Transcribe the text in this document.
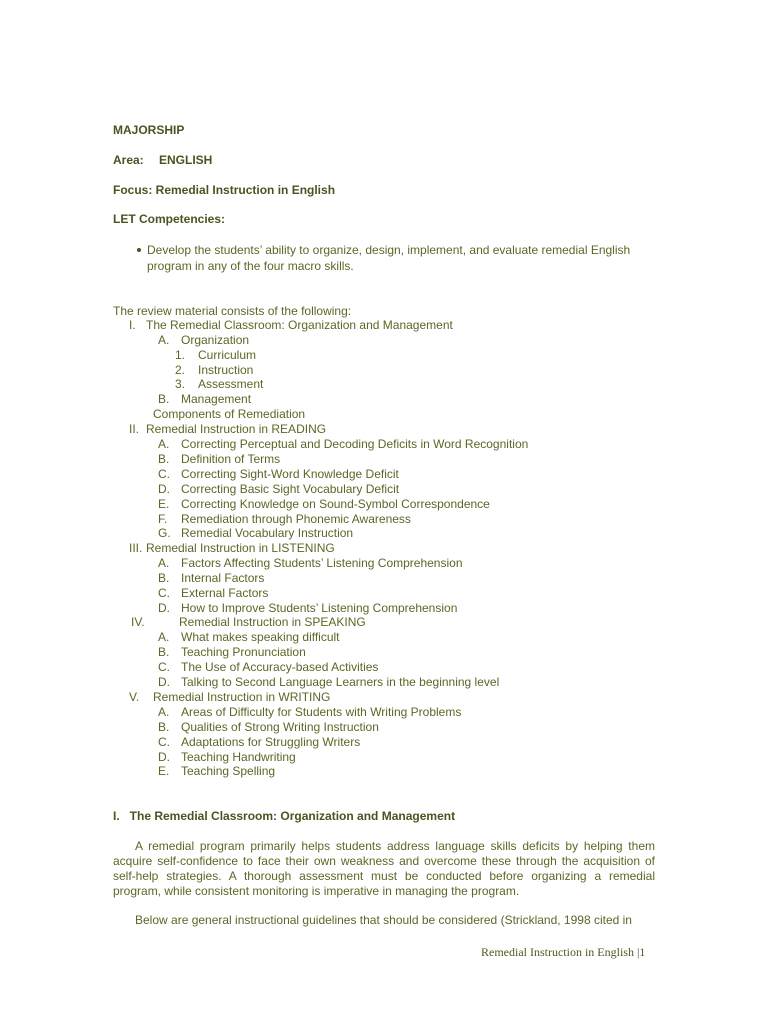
MAJORSHIP
Area: ENGLISH
Focus: Remedial Instruction in English
LET Competencies:
Develop the students’ ability to organize, design, implement, and evaluate remedial English
program in any of the four macro skills.
The review material consists of the following:
I. The Remedial Classroom: Organization and Management
A. Organization
1. Curriculum
2. Instruction
3. Assessment
B. Management
Components of Remediation
II. Remedial Instruction in READING
A. Correcting Perceptual and Decoding Deficits in Word Recognition
B. Definition of Terms
C. Correcting Sight-Word Knowledge Deficit
D. Correcting Basic Sight Vocabulary Deficit
E. Correcting Knowledge on Sound-Symbol Correspondence
F. Remediation through Phonemic Awareness
G. Remedial Vocabulary Instruction
III. Remedial Instruction in LISTENING
A. Factors Affecting Students’ Listening Comprehension
B. Internal Factors
C. External Factors
D. How to Improve Students’ Listening Comprehension
IV.	Remedial Instruction in SPEAKING
A. What makes speaking difficult
B. Teaching Pronunciation
C. The Use of Accuracy-based Activities
D. Talking to Second Language Learners in the beginning level
V. Remedial Instruction in WRITING
A. Areas of Difficulty for Students with Writing Problems
B. Qualities of Strong Writing Instruction
C. Adaptations for Struggling Writers
D. Teaching Handwriting
E. Teaching Spelling
I.   The Remedial Classroom: Organization and Management
A remedial program primarily helps students address language skills deficits by helping them acquire self-confidence to face their own weakness and overcome these through the acquisition of self-help strategies. A thorough assessment must be conducted before organizing a remedial program, while consistent monitoring is imperative in managing the program.
Below are general instructional guidelines that should be considered (Strickland, 1998 cited in
Remedial Instruction in English |1
